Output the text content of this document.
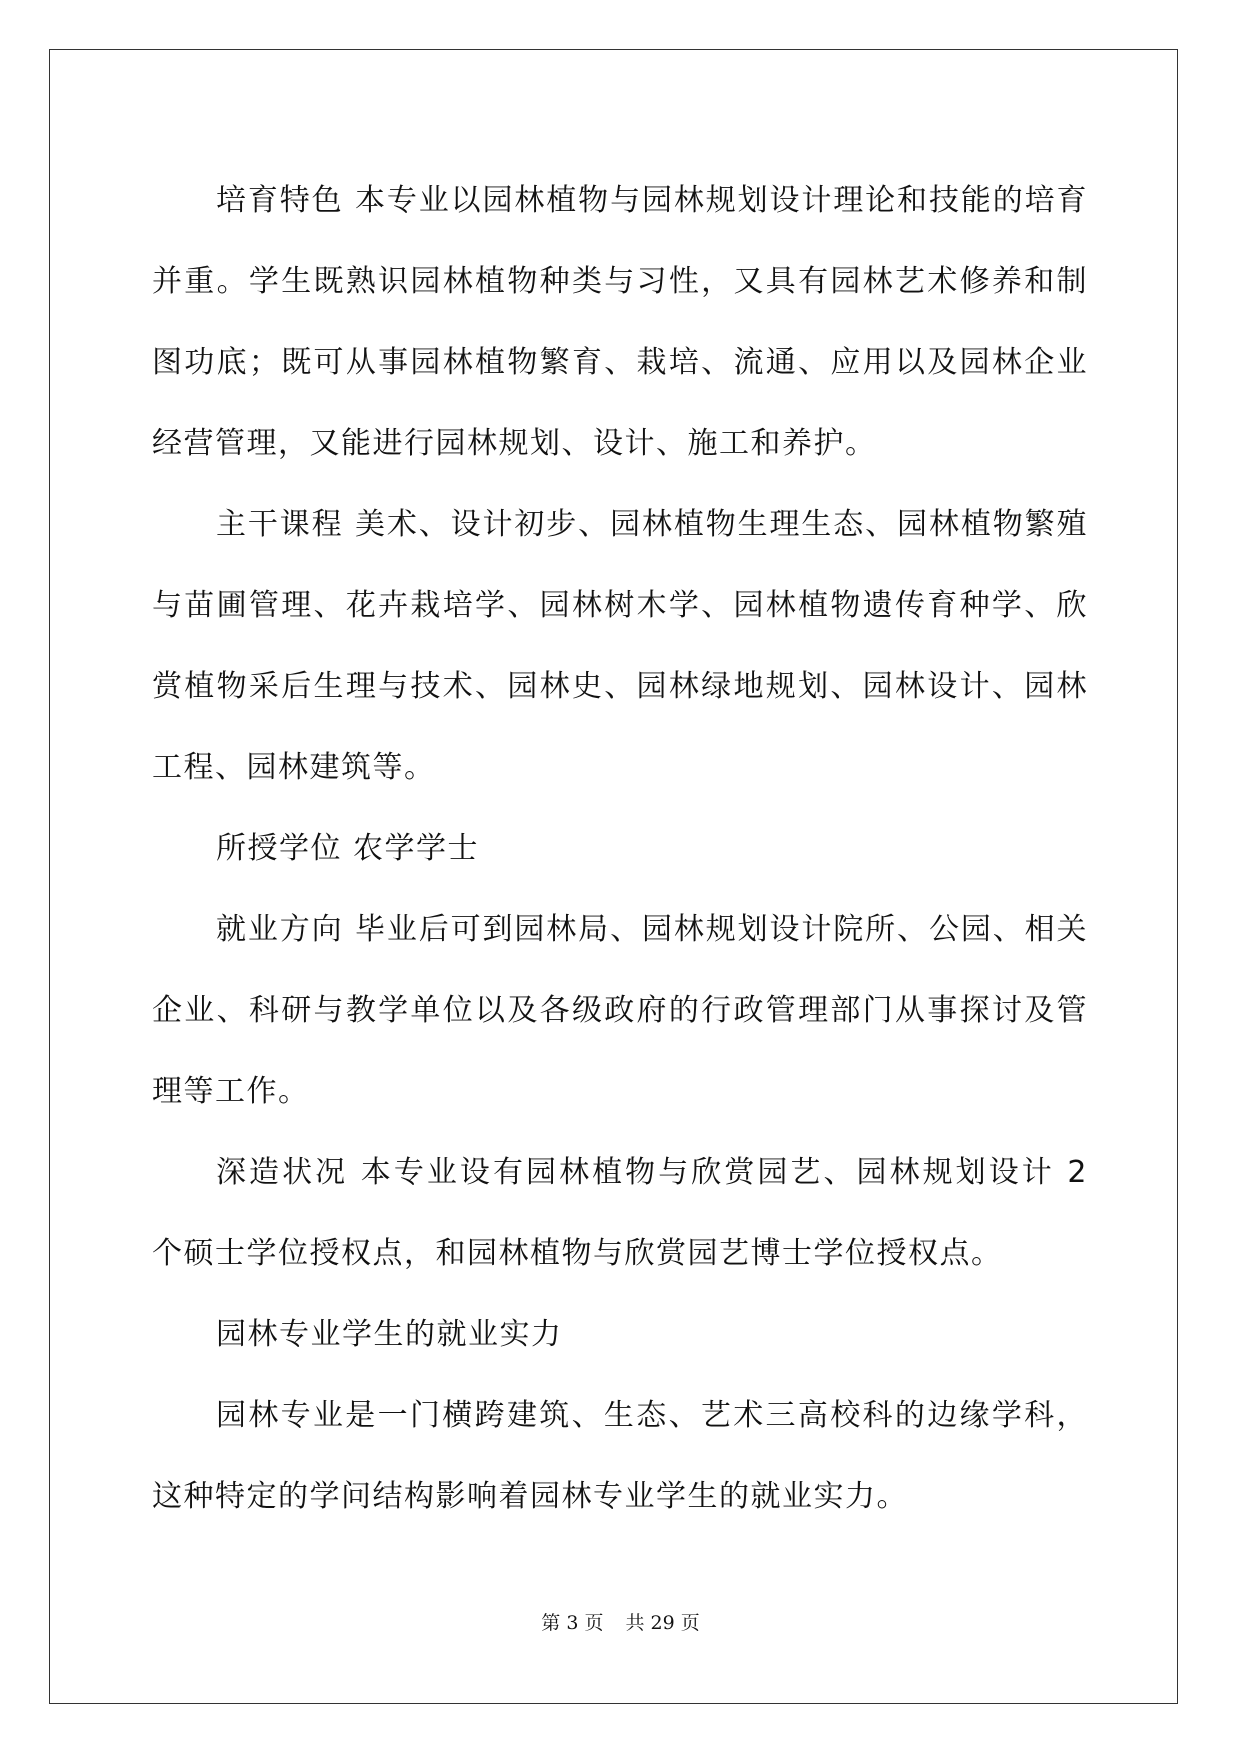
培育特色 本专业以园林植物与园林规划设计理论和技能的培育并重。学生既熟识园林植物种类与习性，又具有园林艺术修养和制图功底；既可从事园林植物繁育、栽培、流通、应用以及园林企业经营管理，又能进行园林规划、设计、施工和养护。

主干课程 美术、设计初步、园林植物生理生态、园林植物繁殖与苗圃管理、花卉栽培学、园林树木学、园林植物遗传育种学、欣赏植物采后生理与技术、园林史、园林绿地规划、园林设计、园林工程、园林建筑等。

所授学位 农学学士

就业方向 毕业后可到园林局、园林规划设计院所、公园、相关企业、科研与教学单位以及各级政府的行政管理部门从事探讨及管理等工作。

深造状况 本专业设有园林植物与欣赏园艺、园林规划设计 2 个硕士学位授权点，和园林植物与欣赏园艺博士学位授权点。

园林专业学生的就业实力

园林专业是一门横跨建筑、生态、艺术三高校科的边缘学科，这种特定的学问结构影响着园林专业学生的就业实力。

第 3 页 共 29 页
